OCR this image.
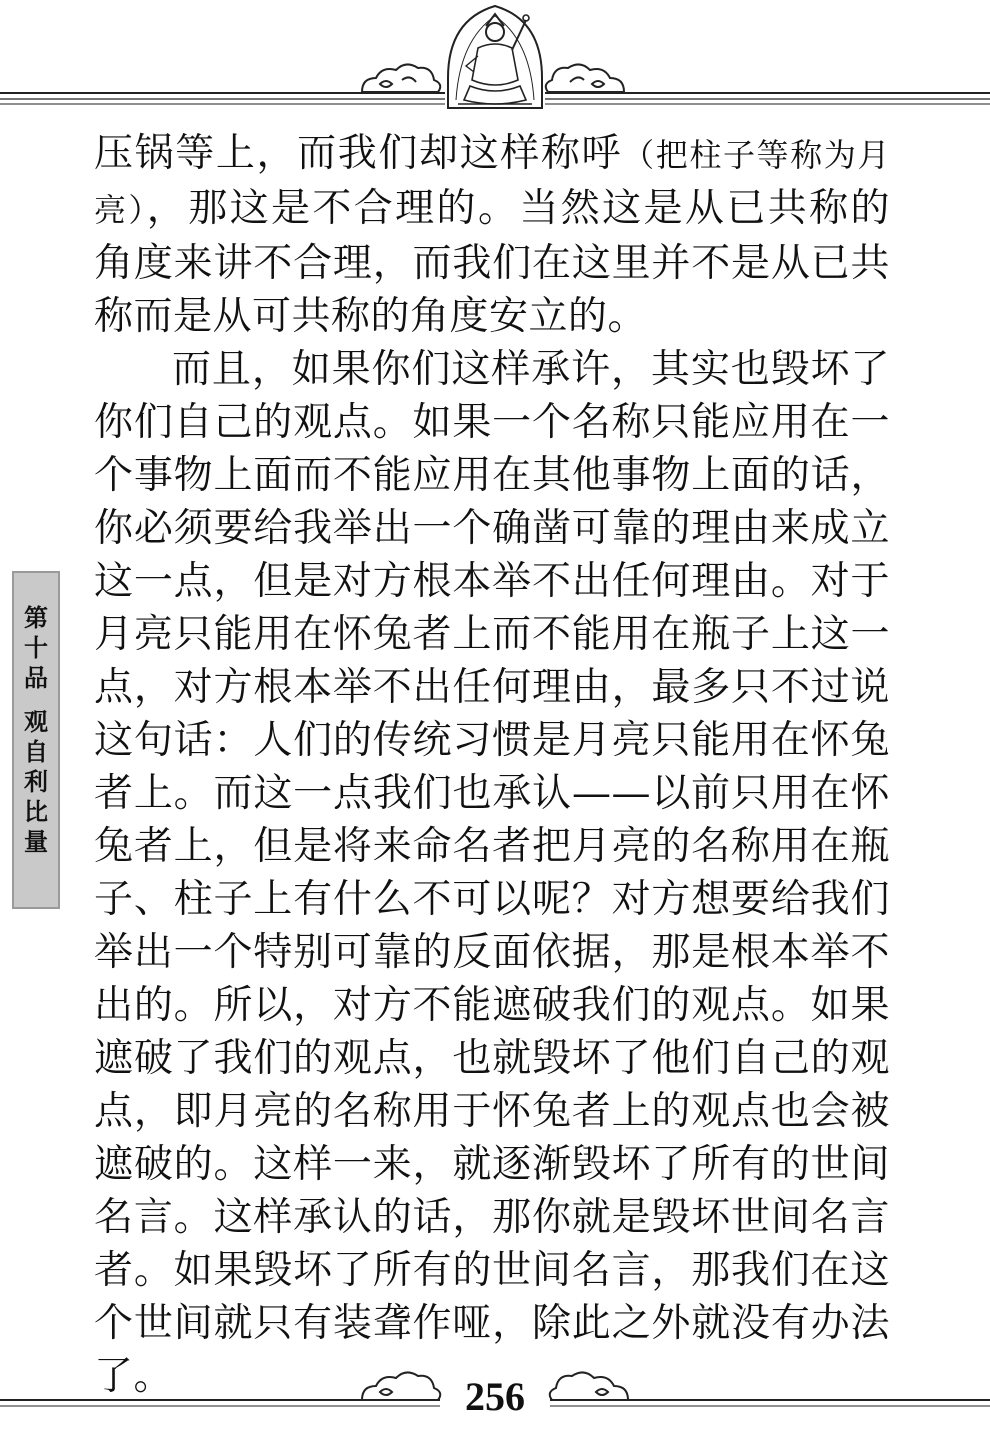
第
十
品
观
自
利
比
量

压锅等上，而我们却这样称呼（把柱子等称为月亮），那这是不合理的。当然这是从已共称的角度来讲不合理，而我们在这里并不是从已共称而是从可共称的角度安立的。

而且，如果你们这样承许，其实也毁坏了你们自己的观点。如果一个名称只能应用在一个事物上面而不能应用在其他事物上面的话，你必须要给我举出一个确凿可靠的理由来成立这一点，但是对方根本举不出任何理由。对于月亮只能用在怀兔者上而不能用在瓶子上这一点，对方根本举不出任何理由，最多只不过说这句话：人们的传统习惯是月亮只能用在怀兔者上。而这一点我们也承认——以前只用在怀兔者上，但是将来命名者把月亮的名称用在瓶子、柱子上有什么不可以呢？对方想要给我们举出一个特别可靠的反面依据，那是根本举不出的。所以，对方不能遮破我们的观点。如果遮破了我们的观点，也就毁坏了他们自己的观点，即月亮的名称用于怀兔者上的观点也会被遮破的。这样一来，就逐渐毁坏了所有的世间名言。这样承认的话，那你就是毁坏世间名言者。如果毁坏了所有的世间名言，那我们在这个世间就只有装聋作哑，除此之外就没有办法了。	256
